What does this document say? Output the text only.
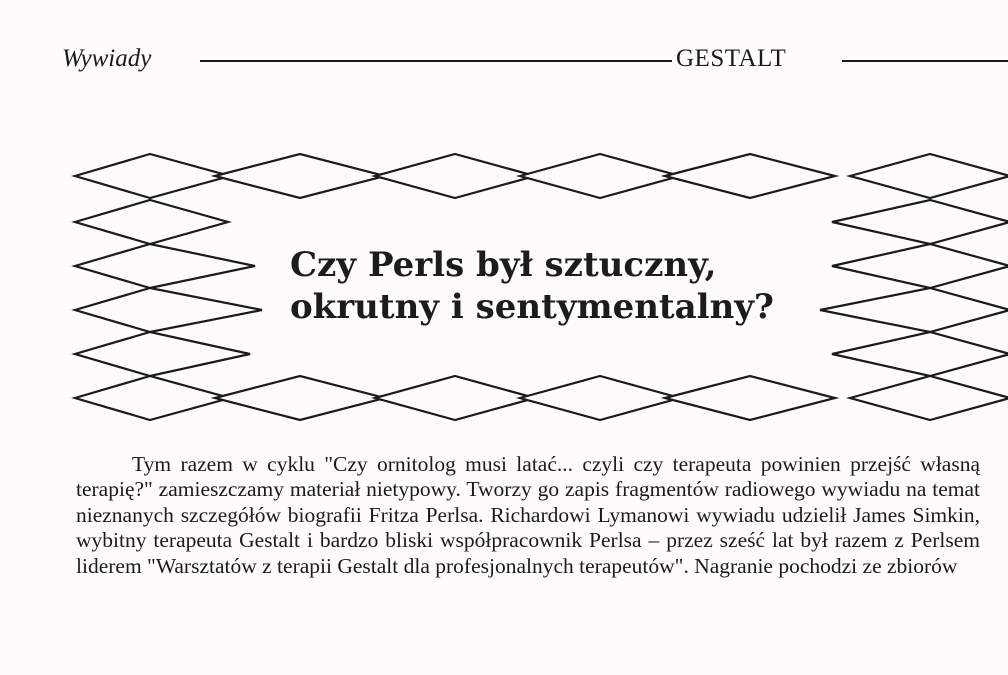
Wywiady	GESTALT
Czy Perls był sztuczny,
okrutny i sentymentalny?

Tym razem w cyklu "Czy ornitolog musi latać... czyli czy terapeuta powinien przejść własną terapię?" zamieszczamy materiał nietypowy. Tworzy go zapis fragmentów radiowego wywiadu na temat nieznanych szczegółów biografii Fritza Perlsa. Richardowi Lymanowi wywiadu udzielił James Simkin, wybitny terapeuta Gestalt i bardzo bliski współpracownik Perlsa – przez sześć lat był razem z Perlsem liderem "Warsztatów z terapii Gestalt dla profesjonalnych terapeutów". Nagranie pochodzi ze zbiorów
